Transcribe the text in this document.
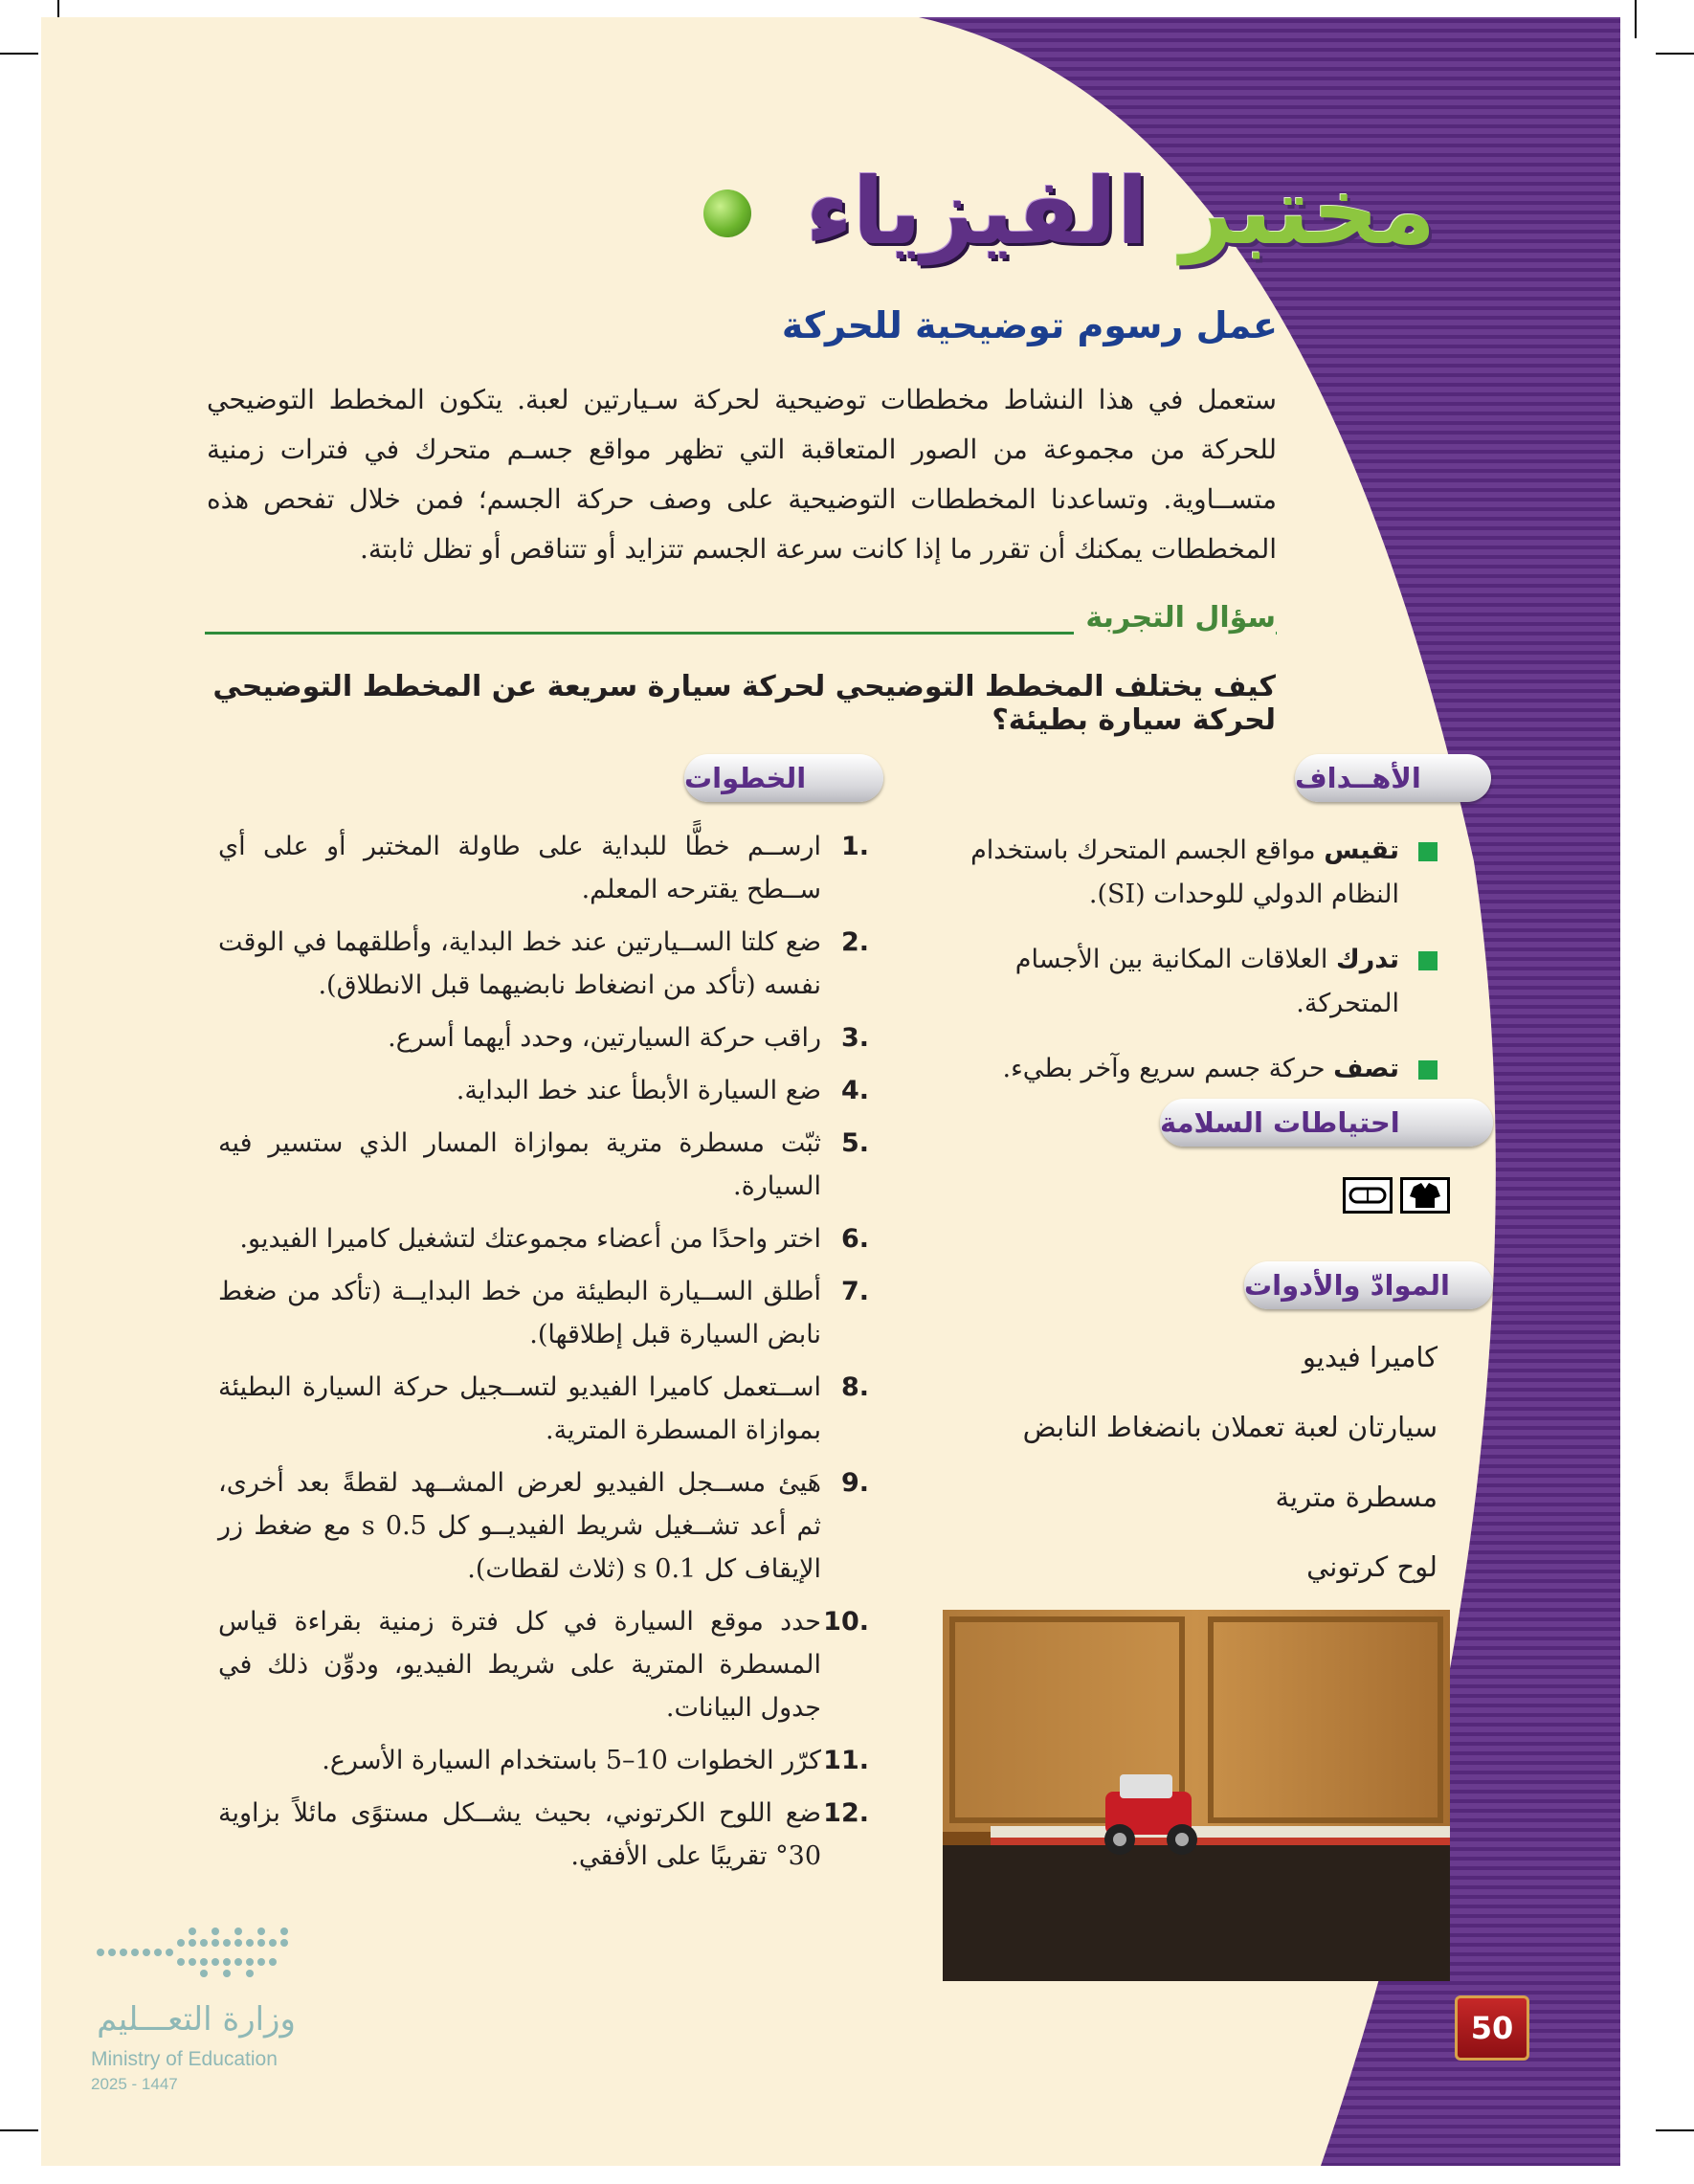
مختبر الفيزياء
عمل رسوم توضيحية للحركة
ستعمل في هذا النشاط مخططات توضيحية لحركة سـيارتين لعبة. يتكون المخطط التوضيحي للحركة من مجموعة من الصور المتعاقبة التي تظهر مواقع جسـم متحرك في فترات زمنية متســاوية. وتساعدنا المخططات التوضيحية على وصف حركة الجسم؛ فمن خلال تفحص هذه المخططات يمكنك أن تقرر ما إذا كانت سرعة الجسم تتزايد أو تتناقص أو تظل ثابتة.
سؤال التجربة
كيف يختلف المخطط التوضيحي لحركة سيارة سريعة عن المخطط التوضيحي لحركة سيارة بطيئة؟
الخطوات	الأهــداف
.1
ارســم خطًّا للبداية على طاولة المختبر أو على أي ســطح يقترحه المعلم.
.2
ضع كلتا الســيارتين عند خط البداية، وأطلقهما في الوقت نفسه (تأكد من انضغاط نابضيهما قبل الانطلاق).
.3
راقب حركة السيارتين، وحدد أيهما أسرع.
.4
ضع السيارة الأبطأ عند خط البداية.
.5
ثبّت مسطرة مترية بموازاة المسار الذي ستسير فيه السيارة.
.6
اختر واحدًا من أعضاء مجموعتك لتشغيل كاميرا الفيديو.
.7
أطلق الســيارة البطيئة من خط البدايــة (تأكد من ضغط نابض السيارة قبل إطلاقها).
.8
اســتعمل كاميرا الفيديو لتســجيل حركة السيارة البطيئة بموازاة المسطرة المترية.
.9
هَيئ مســجل الفيديو لعرض المشــهد لقطةً بعد أخرى، ثم أعد تشــغيل شريط الفيديــو كل 0.5 s مع ضغط زر الإيقاف كل 0.1 s (ثلاث لقطات).
.10
حدد موقع السيارة في كل فترة زمنية بقراءة قياس المسطرة المترية على شريط الفيديو، ودوِّن ذلك في جدول البيانات.
.11
كرّر الخطوات 10–5 باستخدام السيارة الأسرع.
.12
ضع اللوح الكرتوني، بحيث يشــكل مستوًى مائلاً بزاوية 30° تقريبًا على الأفقي.
تقيس مواقع الجسم المتحرك باستخدام النظام الدولي للوحدات (SI).
تدرك العلاقات المكانية بين الأجسام المتحركة.
تصف حركة جسم سريع وآخر بطيء.
احتياطات السلامة
الموادّ والأدوات
كاميرا فيديو
سيارتان لعبة تعملان بانضغاط النابض
مسطرة مترية
لوح كرتوني
50
وزارة التعـــليم
Ministry of Education
2025 - 1447
